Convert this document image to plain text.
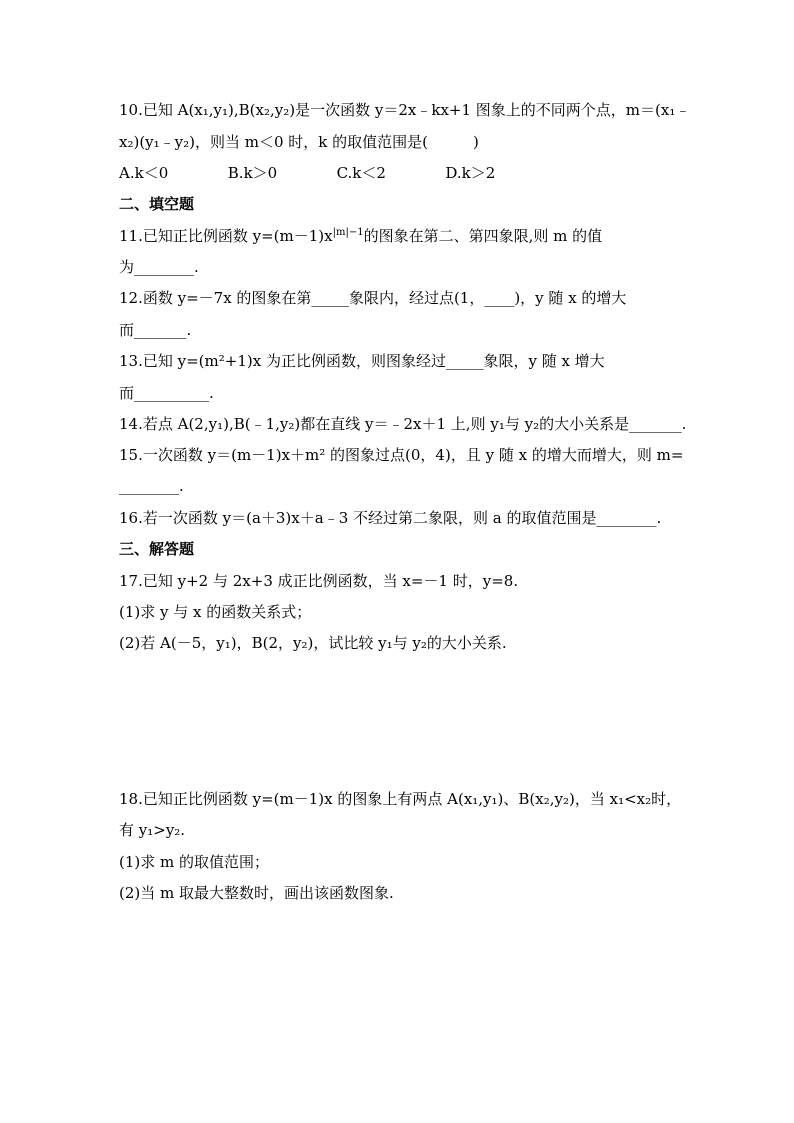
10.已知 A(x₁,y₁),B(x₂,y₂)是一次函数 y＝2x﹣kx+1 图象上的不同两个点，m＝(x₁﹣
x₂)(y₁﹣y₂)，则当 m＜0 时，k 的取值范围是(　　　)
A.k＜0	B.k＞0	C.k＜2	D.k＞2
二、填空题
11.已知正比例函数 $y=(m-1)x^{|m|-1}$的图象在第二、第四象限,则 m 的值
为________.
12.函数 y=－7x 的图象在第_____象限内，经过点(1，____)，y 随 x 的增大
而_______.
13.已知 y=(m²+1)x 为正比例函数，则图象经过_____象限，y 随 x 增大
而__________.
14.若点 A(2,y₁),B(﹣1,y₂)都在直线 y＝﹣2x＋1 上,则 y₁与 y₂的大小关系是_______.
15.一次函数 y＝(m－1)x＋m² 的图象过点(0，4)，且 y 随 x 的增大而增大，则 m=
________.
16.若一次函数 y＝(a＋3)x＋a﹣3 不经过第二象限，则 a 的取值范围是________.
三、解答题
17.已知 y+2 与 2x+3 成正比例函数，当 x=－1 时，y=8.
(1)求 y 与 x 的函数关系式；
(2)若 A(－5，y₁)，B(2，y₂)，试比较 y₁与 y₂的大小关系.
18.已知正比例函数 y=(m－1)x 的图象上有两点 A(x₁,y₁)、B(x₂,y₂)，当 x₁<x₂时，
有 y₁>y₂.
(1)求 m 的取值范围；
(2)当 m 取最大整数时，画出该函数图象.
